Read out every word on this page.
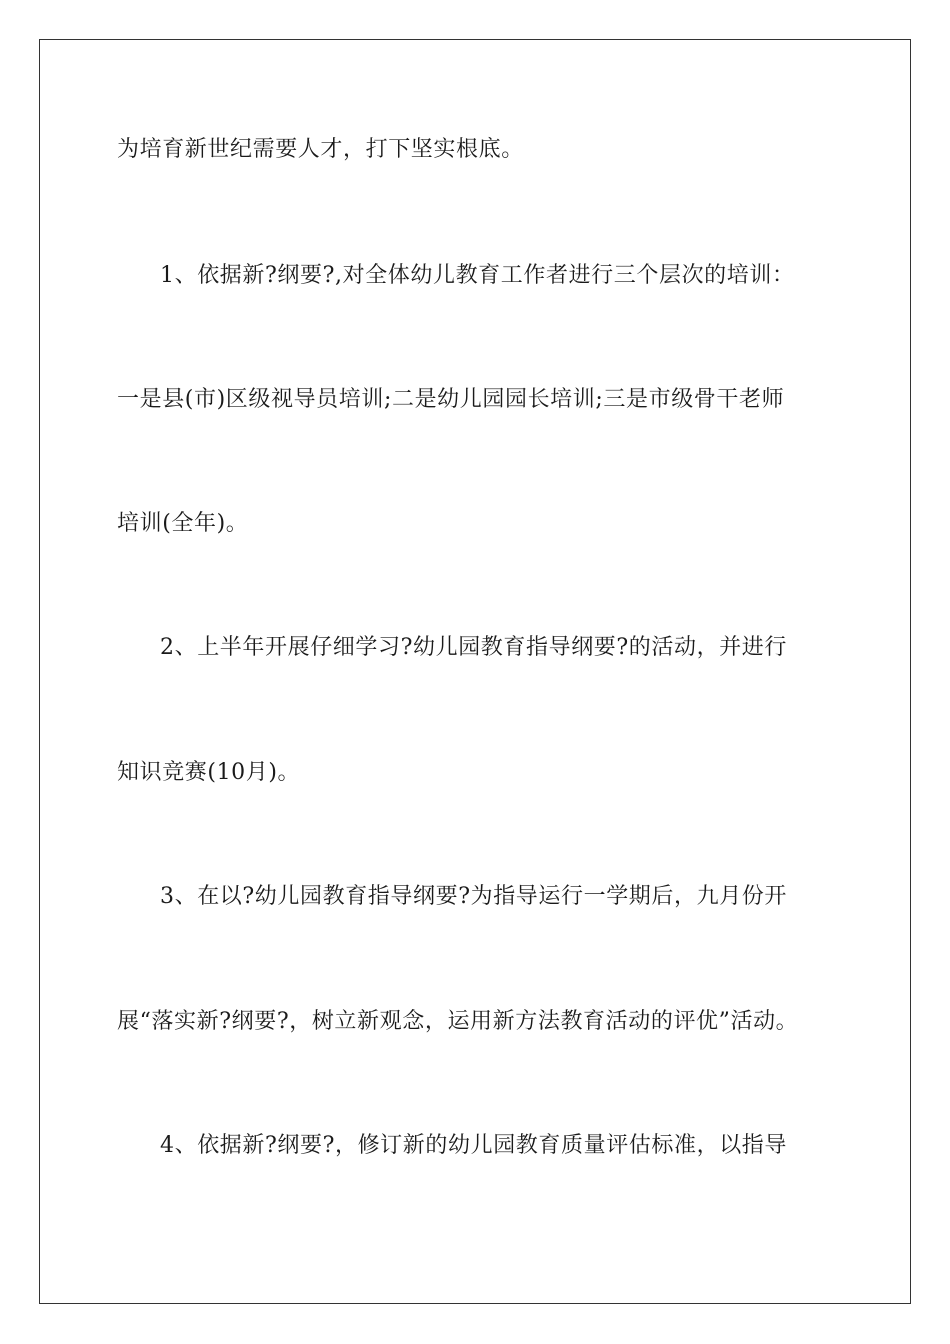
为培育新世纪需要人才，打下坚实根底。
1、依据新?纲要?,对全体幼儿教育工作者进行三个层次的培训：
一是县(市)区级视导员培训;二是幼儿园园长培训;三是市级骨干老师
培训(全年)。
2、上半年开展仔细学习?幼儿园教育指导纲要?的活动，并进行
知识竞赛(10月)。
3、在以?幼儿园教育指导纲要?为指导运行一学期后，九月份开
展“落实新?纲要?，树立新观念，运用新方法教育活动的评优”活动。
4、依据新?纲要?，修订新的幼儿园教育质量评估标准，以指导
